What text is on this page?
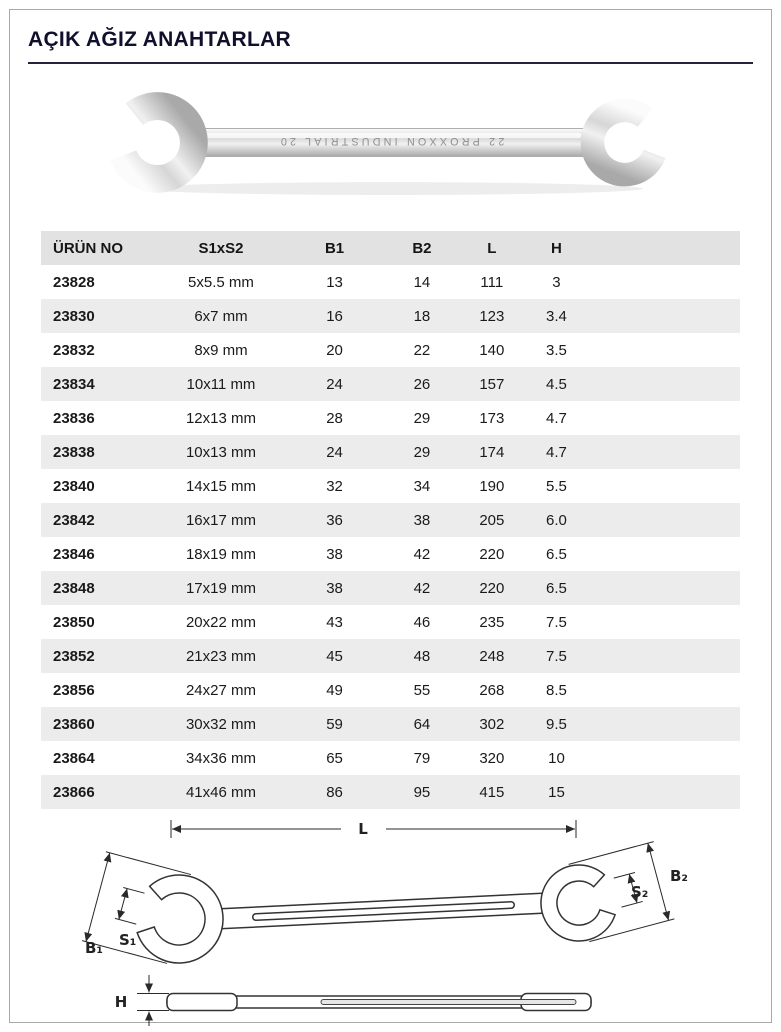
AÇIK AĞIZ ANAHTARLAR
22 PROXXON INDUSTRIAL 20
ÜRÜN NO	S1xS2	B1	B2	L	H	
23828	5x5.5 mm	13	14	111	3	
23830	6x7 mm	16	18	123	3.4	
23832	8x9 mm	20	22	140	3.5	
23834	10x11 mm	24	26	157	4.5	
23836	12x13 mm	28	29	173	4.7	
23838	10x13 mm	24	29	174	4.7	
23840	14x15 mm	32	34	190	5.5	
23842	16x17 mm	36	38	205	6.0	
23846	18x19 mm	38	42	220	6.5	
23848	17x19 mm	38	42	220	6.5	
23850	20x22 mm	43	46	235	7.5	
23852	21x23 mm	45	48	248	7.5	
23856	24x27 mm	49	55	268	8.5	
23860	30x32 mm	59	64	302	9.5	
23864	34x36 mm	65	79	320	10	
23866	41x46 mm	86	95	415	15	
L
S₂
B₂
B₁ S₁
H
